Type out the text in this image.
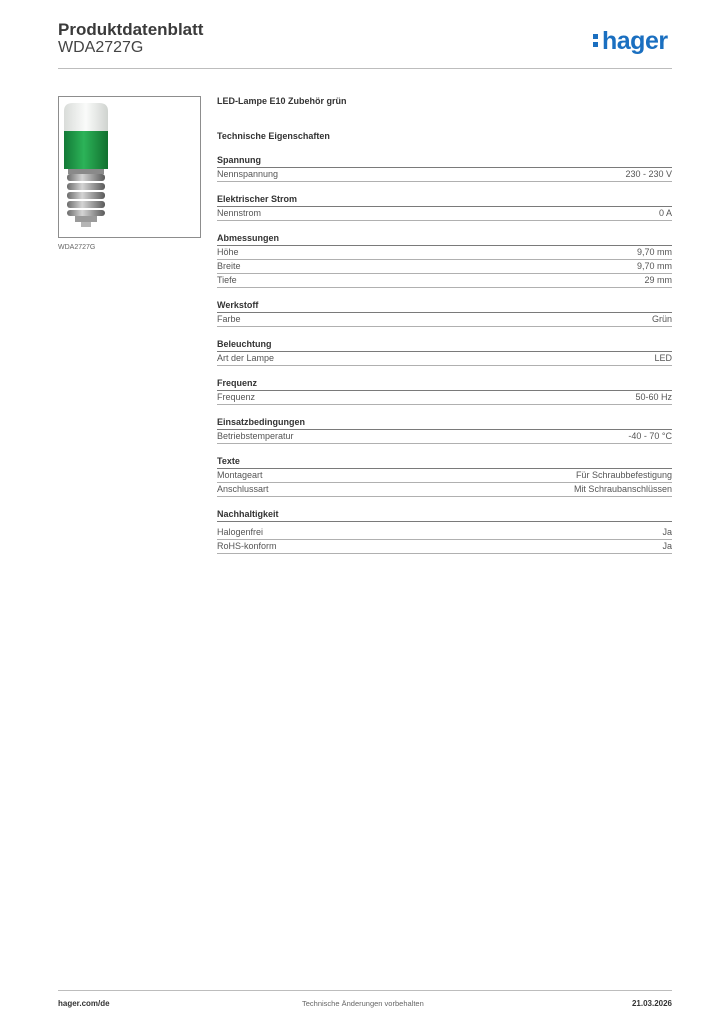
Produktdatenblatt
WDA2727G	hager
WDA2727G
LED-Lampe E10 Zubehör grün
Technische Eigenschaften
Spannung
Nennspannung	230 - 230 V
Elektrischer Strom
Nennstrom	0 A
Abmessungen
Höhe	9,70 mm
Breite	9,70 mm
Tiefe	29 mm
Werkstoff
Farbe	Grün
Beleuchtung
Art der Lampe	LED
Frequenz
Frequenz	50-60 Hz
Einsatzbedingungen
Betriebstemperatur	-40 - 70 °C
Texte
Montageart	Für Schraubbefestigung
Anschlussart	Mit Schraubanschlüssen
Nachhaltigkeit
Halogenfrei	Ja
RoHS-konform	Ja
hager.com/de	Technische Änderungen vorbehalten	21.03.2026
